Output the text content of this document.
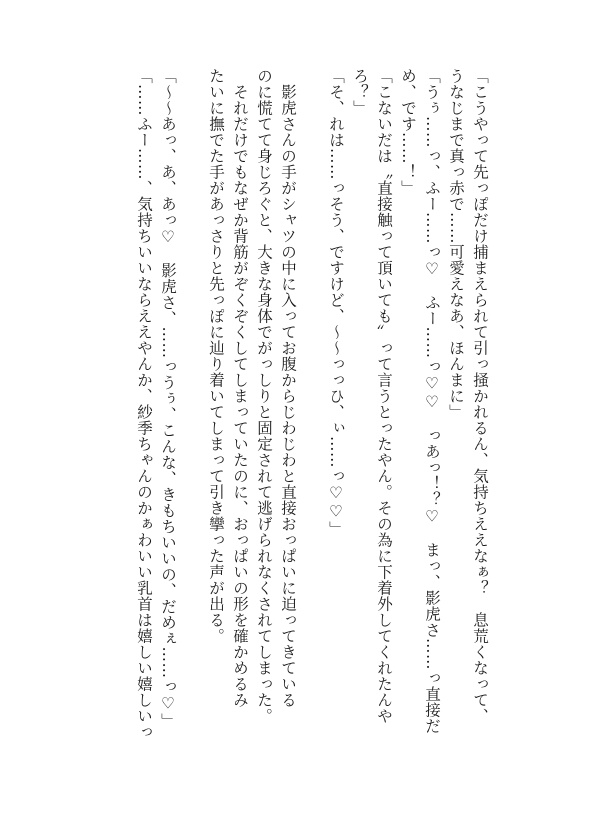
「こうやって先っぽだけ捕まえられて引っ掻かれるん、気持ちええなぁ？　息荒くなって、
うなじまで真っ赤で……可愛えなあ、ほんまに」
「うぅ……っ、ふー……っ♡　ふー……っ♡♡　っあっ！？♡　まっ、影虎さ……っ直接だ
め、です……！」
「こないだは〝直接触って頂いても〟って言うとったやん。その為に下着外してくれたんや
ろ？」
「そ、れは……っそう、ですけど、～～っっひ、ぃ……っ♡♡」
　影虎さんの手がシャツの中に入ってお腹からじわじわと直接おっぱいに迫ってきている
のに慌てて身じろぐと、大きな身体でがっしりと固定されて逃げられなくされてしまった。
　それだけでもなぜか背筋がぞくぞくしてしまっていたのに、おっぱいの形を確かめるみ
たいに撫でた手があっさりと先っぽに辿り着いてしまって引き攣った声が出る。
「～～あっ、あ、あっ♡　影虎さ、……っうぅ、こんな、きもちいいの、だめぇ……っ♡」
「……ふー……、気持ちいいならええやんか、紗季ちゃんのかぁわいい乳首は嬉しい嬉しいっ
